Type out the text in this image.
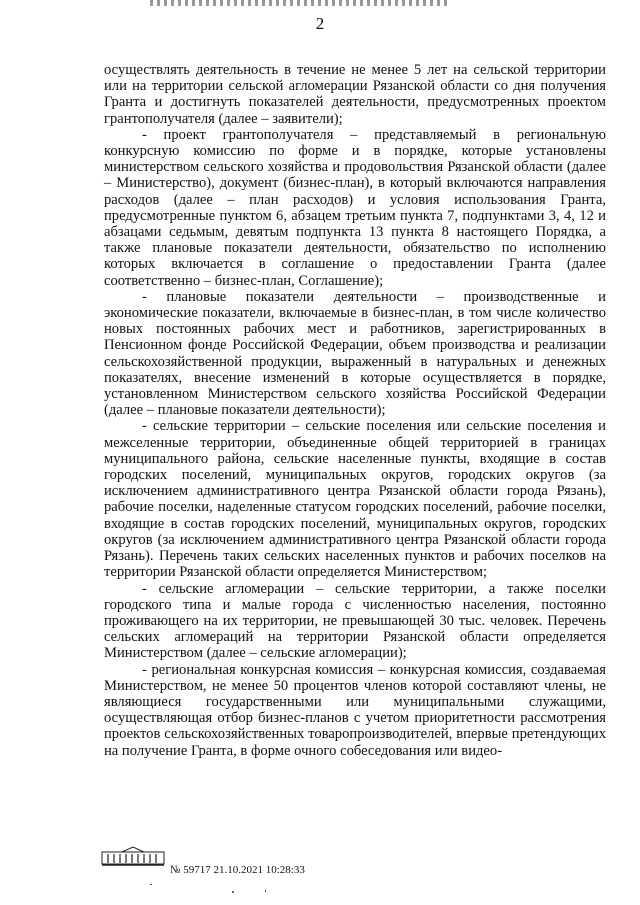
2

осуществлять деятельность в течение не менее 5 лет на сельской территории или на территории сельской агломерации Рязанской области со дня получения Гранта и достигнуть показателей деятельности, предусмотренных проектом грантополучателя (далее – заявители);

- проект грантополучателя – представляемый в региональную конкурсную комиссию по форме и в порядке, которые установлены министерством сельского хозяйства и продовольствия Рязанской области (далее – Министерство), документ (бизнес-план), в который включаются направления расходов (далее – план расходов) и условия использования Гранта, предусмотренные пунктом 6, абзацем третьим пункта 7, подпунктами 3, 4, 12 и абзацами седьмым, девятым подпункта 13 пункта 8 настоящего Порядка, а также плановые показатели деятельности, обязательство по исполнению которых включается в соглашение о предоставлении Гранта (далее соответственно – бизнес-план, Соглашение);

- плановые показатели деятельности – производственные и экономические показатели, включаемые в бизнес-план, в том числе количество новых постоянных рабочих мест и работников, зарегистрированных в Пенсионном фонде Российской Федерации, объем производства и реализации сельскохозяйственной продукции, выраженный в натуральных и денежных показателях, внесение изменений в которые осуществляется в порядке, установленном Министерством сельского хозяйства Российской Федерации (далее – плановые показатели деятельности);

- сельские территории – сельские поселения или сельские поселения и межселенные территории, объединенные общей территорией в границах муниципального района, сельские населенные пункты, входящие в состав городских поселений, муниципальных округов, городских округов (за исключением административного центра Рязанской области города Рязань), рабочие поселки, наделенные статусом городских поселений, рабочие поселки, входящие в состав городских поселений, муниципальных округов, городских округов (за исключением административного центра Рязанской области города Рязань). Перечень таких сельских населенных пунктов и рабочих поселков на территории Рязанской области определяется Министерством;

- сельские агломерации – сельские территории, а также поселки городского типа и малые города с численностью населения, постоянно проживающего на их территории, не превышающей 30 тыс. человек. Перечень сельских агломераций на территории Рязанской области определяется Министерством (далее – сельские агломерации);

- региональная конкурсная комиссия – конкурсная комиссия, создаваемая Министерством, не менее 50 процентов членов которой составляют члены, не являющиеся государственными или муниципальными служащими, осуществляющая отбор бизнес-планов с учетом приоритетности рассмотрения проектов сельскохозяйственных товаропроизводителей, впервые претендующих на получение Гранта, в форме очного собеседования или видео-

№ 59717 21.10.2021 10:28:33
